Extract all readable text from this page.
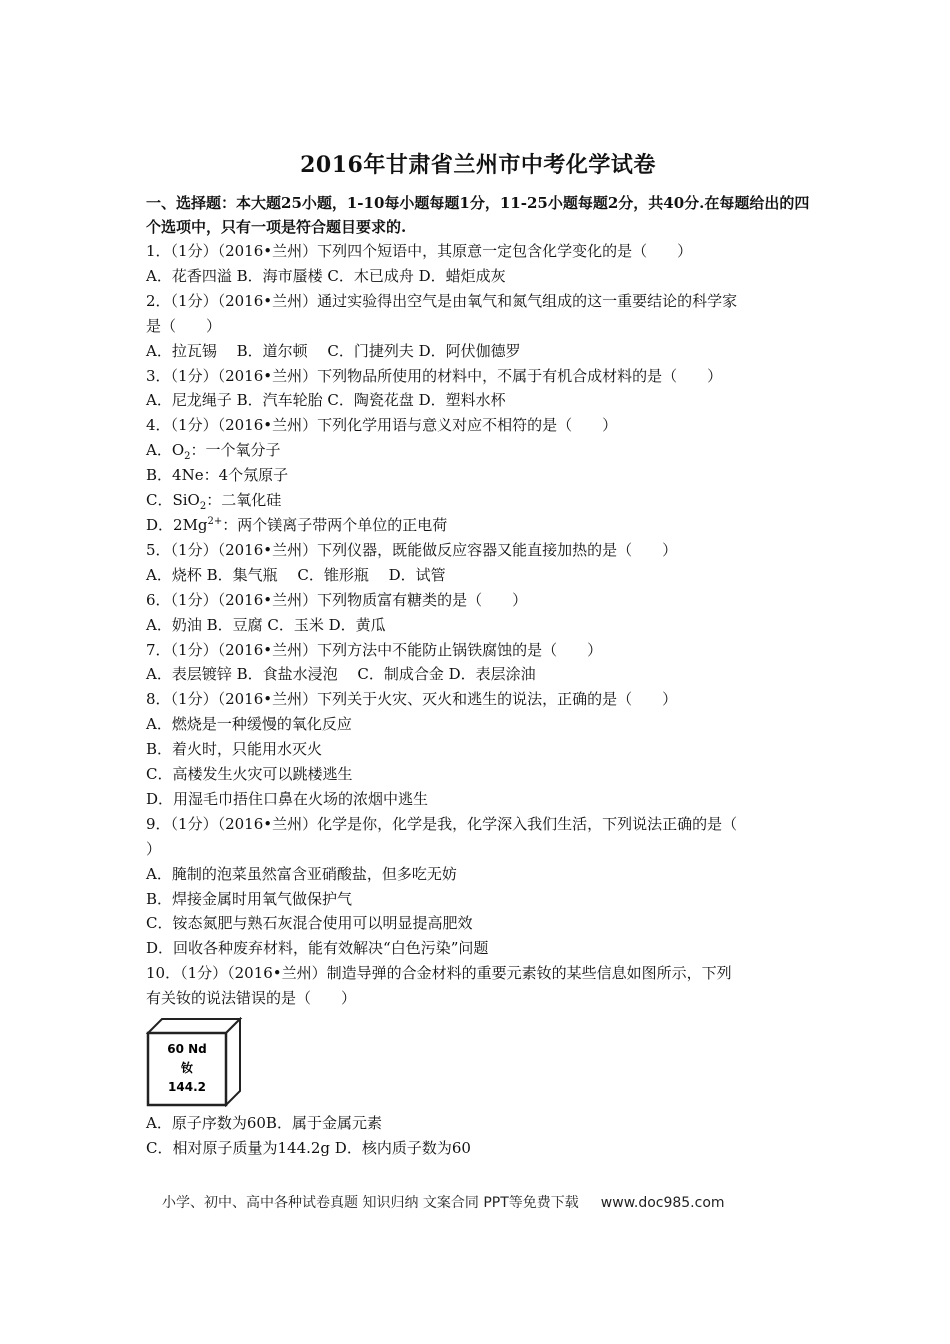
2016年甘肃省兰州市中考化学试卷

一、选择题：本大题25小题，1-10每小题每题1分，11-25小题每题2分，共40分.在每题给出的四个选项中，只有一项是符合题目要求的.

1．（1分）（2016•兰州）下列四个短语中，其原意一定包含化学变化的是（　　）

A．花香四溢 B．海市蜃楼 C．木已成舟 D．蜡炬成灰

2．（1分）（2016•兰州）通过实验得出空气是由氧气和氮气组成的这一重要结论的科学家

是（　　）

A．拉瓦锡　 B．道尔顿　 C．门捷列夫 D．阿伏伽德罗

3．（1分）（2016•兰州）下列物品所使用的材料中，不属于有机合成材料的是（　　）

A．尼龙绳子 B．汽车轮胎 C．陶瓷花盘 D．塑料水杯

4．（1分）（2016•兰州）下列化学用语与意义对应不相符的是（　　）

A．$O_2$：一个氧分子

B．4Ne：4个氖原子

C．SiO$_2$：二氧化硅

D．$2Mg^{2+}$：两个镁离子带两个单位的正电荷

5．（1分）（2016•兰州）下列仪器，既能做反应容器又能直接加热的是（　　）

A．烧杯 B．集气瓶　 C．锥形瓶　 D．试管

6．（1分）（2016•兰州）下列物质富有糖类的是（　　）

A．奶油 B．豆腐 C．玉米 D．黄瓜

7．（1分）（2016•兰州）下列方法中不能防止锅铁腐蚀的是（　　）

A．表层镀锌 B．食盐水浸泡　 C．制成合金 D．表层涂油

8．（1分）（2016•兰州）下列关于火灾、灭火和逃生的说法，正确的是（　　）

A．燃烧是一种缓慢的氧化反应

B．着火时，只能用水灭火

C．高楼发生火灾可以跳楼逃生

D．用湿毛巾捂住口鼻在火场的浓烟中逃生

9．（1分）（2016•兰州）化学是你，化学是我，化学深入我们生活，下列说法正确的是（

）

A．腌制的泡菜虽然富含亚硝酸盐，但多吃无妨

B．焊接金属时用氧气做保护气

C．铵态氮肥与熟石灰混合使用可以明显提高肥效

D．回收各种废弃材料，能有效解决“白色污染”问题

10．（1分）（2016•兰州）制造导弹的合金材料的重要元素钕的某些信息如图所示，下列

有关钕的说法错误的是（　　）

60 Nd
钕
144.2

A．原子序数为60B．属于金属元素

C．相对原子质量为144.2g D．核内质子数为60

小学、初中、高中各种试卷真题 知识归纳 文案合同 PPT等免费下载 www.doc985.com
